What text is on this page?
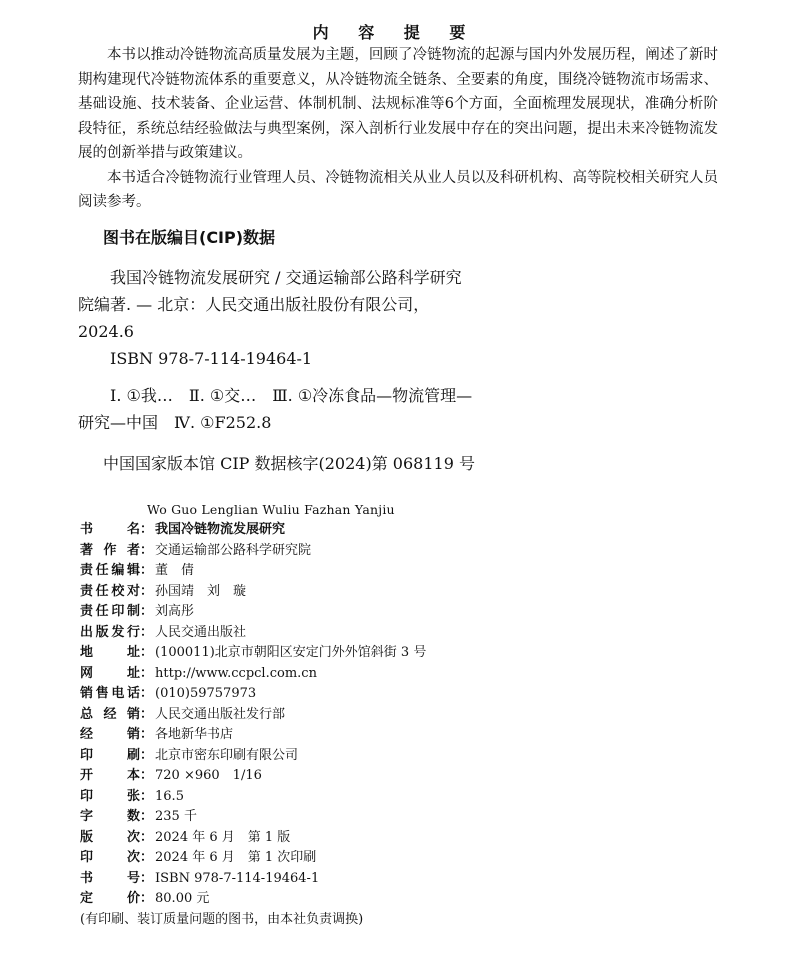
内 容 提 要

本书以推动冷链物流高质量发展为主题，回顾了冷链物流的起源与国内外发展历程，阐述了新时期构建现代冷链物流体系的重要意义，从冷链物流全链条、全要素的角度，围绕冷链物流市场需求、基础设施、技术装备、企业运营、体制机制、法规标准等6个方面，全面梳理发展现状，准确分析阶段特征，系统总结经验做法与典型案例，深入剖析行业发展中存在的突出问题，提出未来冷链物流发展的创新举措与政策建议。

本书适合冷链物流行业管理人员、冷链物流相关从业人员以及科研机构、高等院校相关研究人员阅读参考。

图书在版编目(CIP)数据

我国冷链物流发展研究 / 交通运输部公路科学研究

院编著. — 北京：人民交通出版社股份有限公司，

2024.6

ISBN 978-7-114-19464-1

Ⅰ. ①我…　Ⅱ. ①交…　Ⅲ. ①冷冻食品—物流管理—

研究—中国　Ⅳ. ①F252.8

中国国家版本馆 CIP 数据核字(2024)第 068119 号
Wo Guo Lenglian Wuliu Fazhan Yanjiu
书	名 ： 我国冷链物流发展研究
著 作 者 ： 交通运输部公路科学研究院
责 任 编 辑 ： 董　倩
责 任 校 对 ： 孙国靖　刘　璇
责 任 印 制 ： 刘高彤
出 版 发 行 ： 人民交通出版社
地	址 ： (100011)北京市朝阳区安定门外外馆斜街 3 号
网	址 ： http://www.ccpcl.com.cn
销 售 电 话 ： (010)59757973
总 经 销 ： 人民交通出版社发行部
经	销 ： 各地新华书店
印	刷 ： 北京市密东印刷有限公司
开	本 ： 720 ×960　1/16
印	张 ： 16.5
字	数 ： 235 千
版	次 ： 2024 年 6 月　第 1 版
印	次 ： 2024 年 6 月　第 1 次印刷
书	号 ： ISBN 978-7-114-19464-1
定	价 ： 80.00 元
(有印刷、装订质量问题的图书，由本社负责调换)
